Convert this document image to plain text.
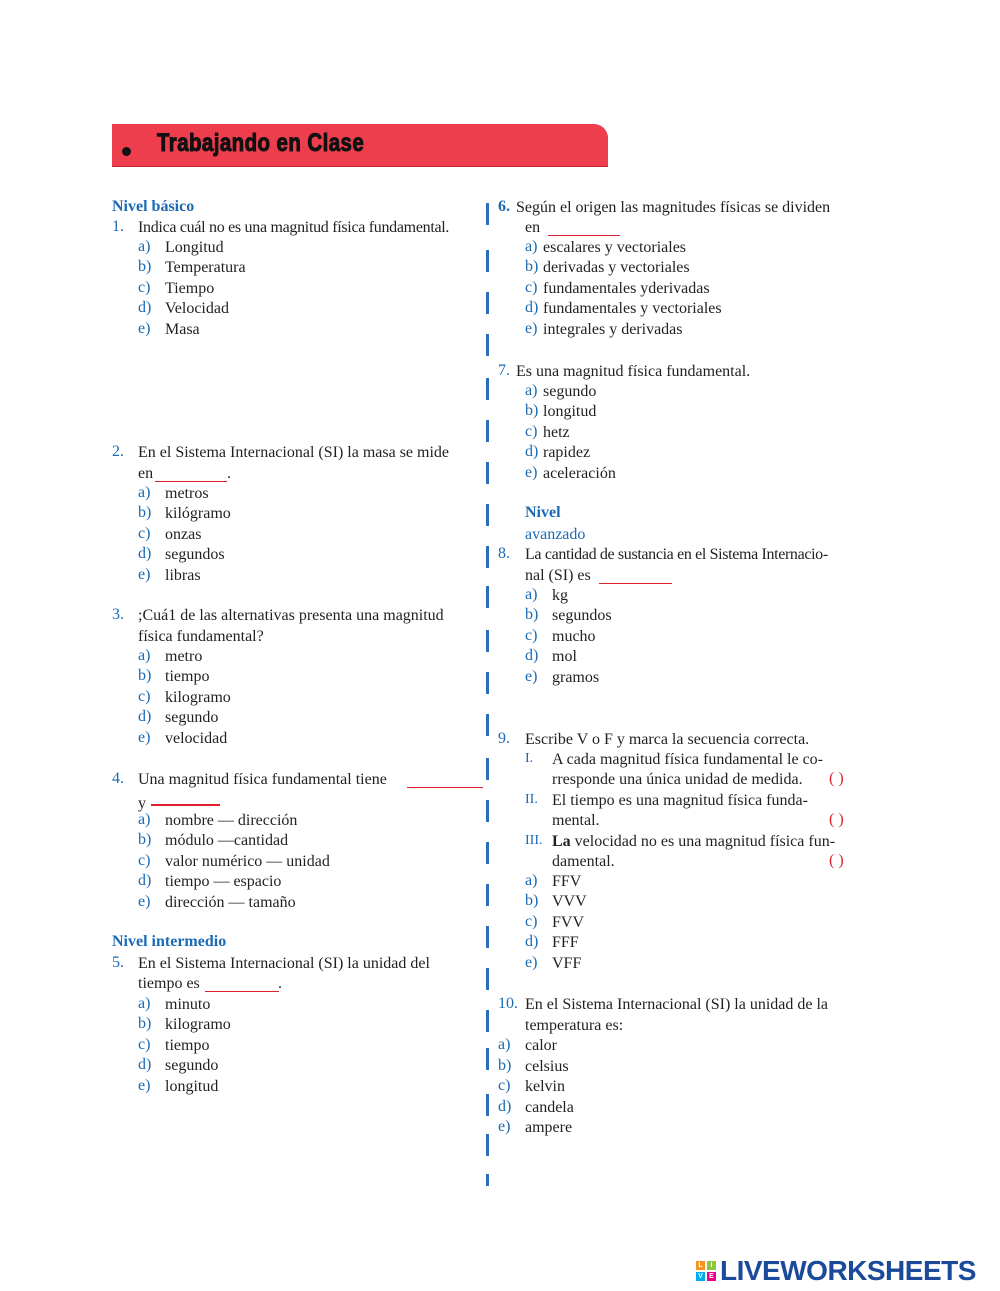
Trabajando en Clase
Nivel básico
1. Indica cuál no es una magnitud física fundamental.
2. En el Sistema Internacional (SI) la masa se mide
en	.
3. ;Cuá1 de las alternativas presenta una magnitud
física fundamental?
4. Una magnitud física fundamental tiene
y
Nivel intermedio
5. En el Sistema Internacional (SI) la unidad del
tiempo es	.
6. Según el origen las magnitudes físicas se dividen
en
7. Es una magnitud física fundamental.
Nivel
avanzado
8. La cantidad de sustancia en el Sistema Internacio-
nal (SI) es
9. Escribe V o F y marca la secuencia correcta.
I. A cada magnitud física fundamental le co-
rresponde una única unidad de medida. ( )
II. El tiempo es una magnitud física funda-
mental.	( )
III. La velocidad no es una magnitud física fun-
damental.	( )
10. En el Sistema Internacional (SI) la unidad de la
temperatura es:
L	I
V E LIVEWORKSHEETS
a) Longitud
b) Temperatura
c) Tiempo
d) Velocidad
e) Masa
a) metros
b) kilógramo
c) onzas
d) segundos
e) libras
a) metro
b) tiempo
c) kilogramo
d) segundo
e) velocidad
a) nombre — dirección
b) módulo —cantidad
c) valor numérico — unidad
d) tiempo — espacio
e) dirección — tamaño
a) minuto
b) kilogramo
c) tiempo
d) segundo
e) longitud
a) escalares y vectoriales
b) derivadas y vectoriales
c) fundamentales yderivadas
d) fundamentales y vectoriales
e) integrales y derivadas
a) segundo
b) longitud
c) hetz
d) rapidez
e) aceleración
a) kg
b) segundos
c) mucho
d) mol
e) gramos
a) FFV
b) VVV
c) FVV
d) FFF
e) VFF
a) calor
b) celsius
c) kelvin
d) candela
e) ampere
